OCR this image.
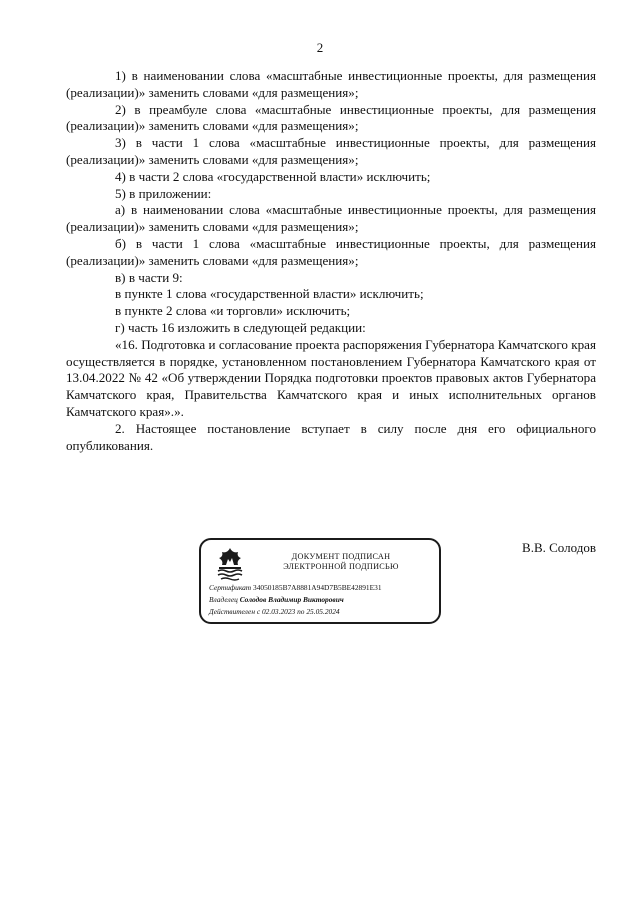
2

1) в наименовании слова «масштабные инвестиционные проекты, для размещения (реализации)» заменить словами «для размещения»;

2) в преамбуле слова «масштабные инвестиционные проекты, для размещения (реализации)» заменить словами «для размещения»;

3) в части 1 слова «масштабные инвестиционные проекты, для размещения (реализации)» заменить словами «для размещения»;

4) в части 2 слова «государственной власти» исключить;

5) в приложении:

а) в наименовании слова «масштабные инвестиционные проекты, для размещения (реализации)» заменить словами «для размещения»;

б) в части 1 слова «масштабные инвестиционные проекты, для размещения (реализации)» заменить словами «для размещения»;

в) в части 9:

в пункте 1 слова «государственной власти» исключить;

в пункте 2 слова «и торговли» исключить;

г) часть 16 изложить в следующей редакции:

«16. Подготовка и согласование проекта распоряжения Губернатора Камчатского края осуществляется в порядке, установленном постановлением Губернатора Камчатского края от 13.04.2022 № 42 «Об утверждении Порядка подготовки проектов правовых актов Губернатора Камчатского края, Правительства Камчатского края и иных исполнительных органов Камчатского края».».

2. Настоящее постановление вступает в силу после дня его официального опубликования.

ДОКУМЕНТ ПОДПИСАН
ЭЛЕКТРОННОЙ ПОДПИСЬЮ
Сертификат 34050185B7A8881A94D7B5BE42891E31
Владелец Солодов Владимир Викторович
Действителен с 02.03.2023 по 25.05.2024
В.В. Солодов
